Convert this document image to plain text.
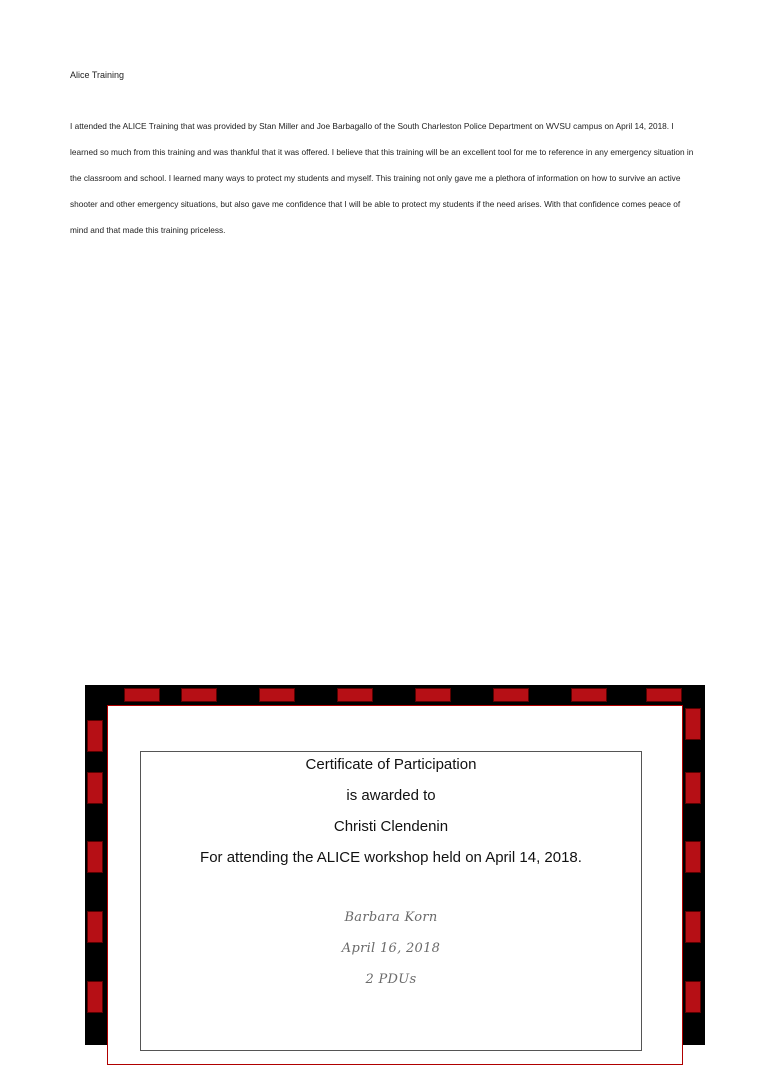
Alice Training

I attended the ALICE Training that was provided by Stan Miller and Joe Barbagallo of the South Charleston Police Department on WVSU campus on April 14, 2018. I learned so much from this training and was thankful that it was offered. I believe that this training will be an excellent tool for me to reference in any emergency situation in the classroom and school. I learned many ways to protect my students and myself. This training not only gave me a plethora of information on how to survive an active shooter and other emergency situations, but also gave me confidence that I will be able to protect my students if the need arises. With that confidence comes peace of mind and that made this training priceless.

Certificate of Participation

is awarded to

Christi Clendenin

For attending the ALICE workshop held on April 14, 2018.

Barbara Korn

April 16, 2018

2 PDUs
